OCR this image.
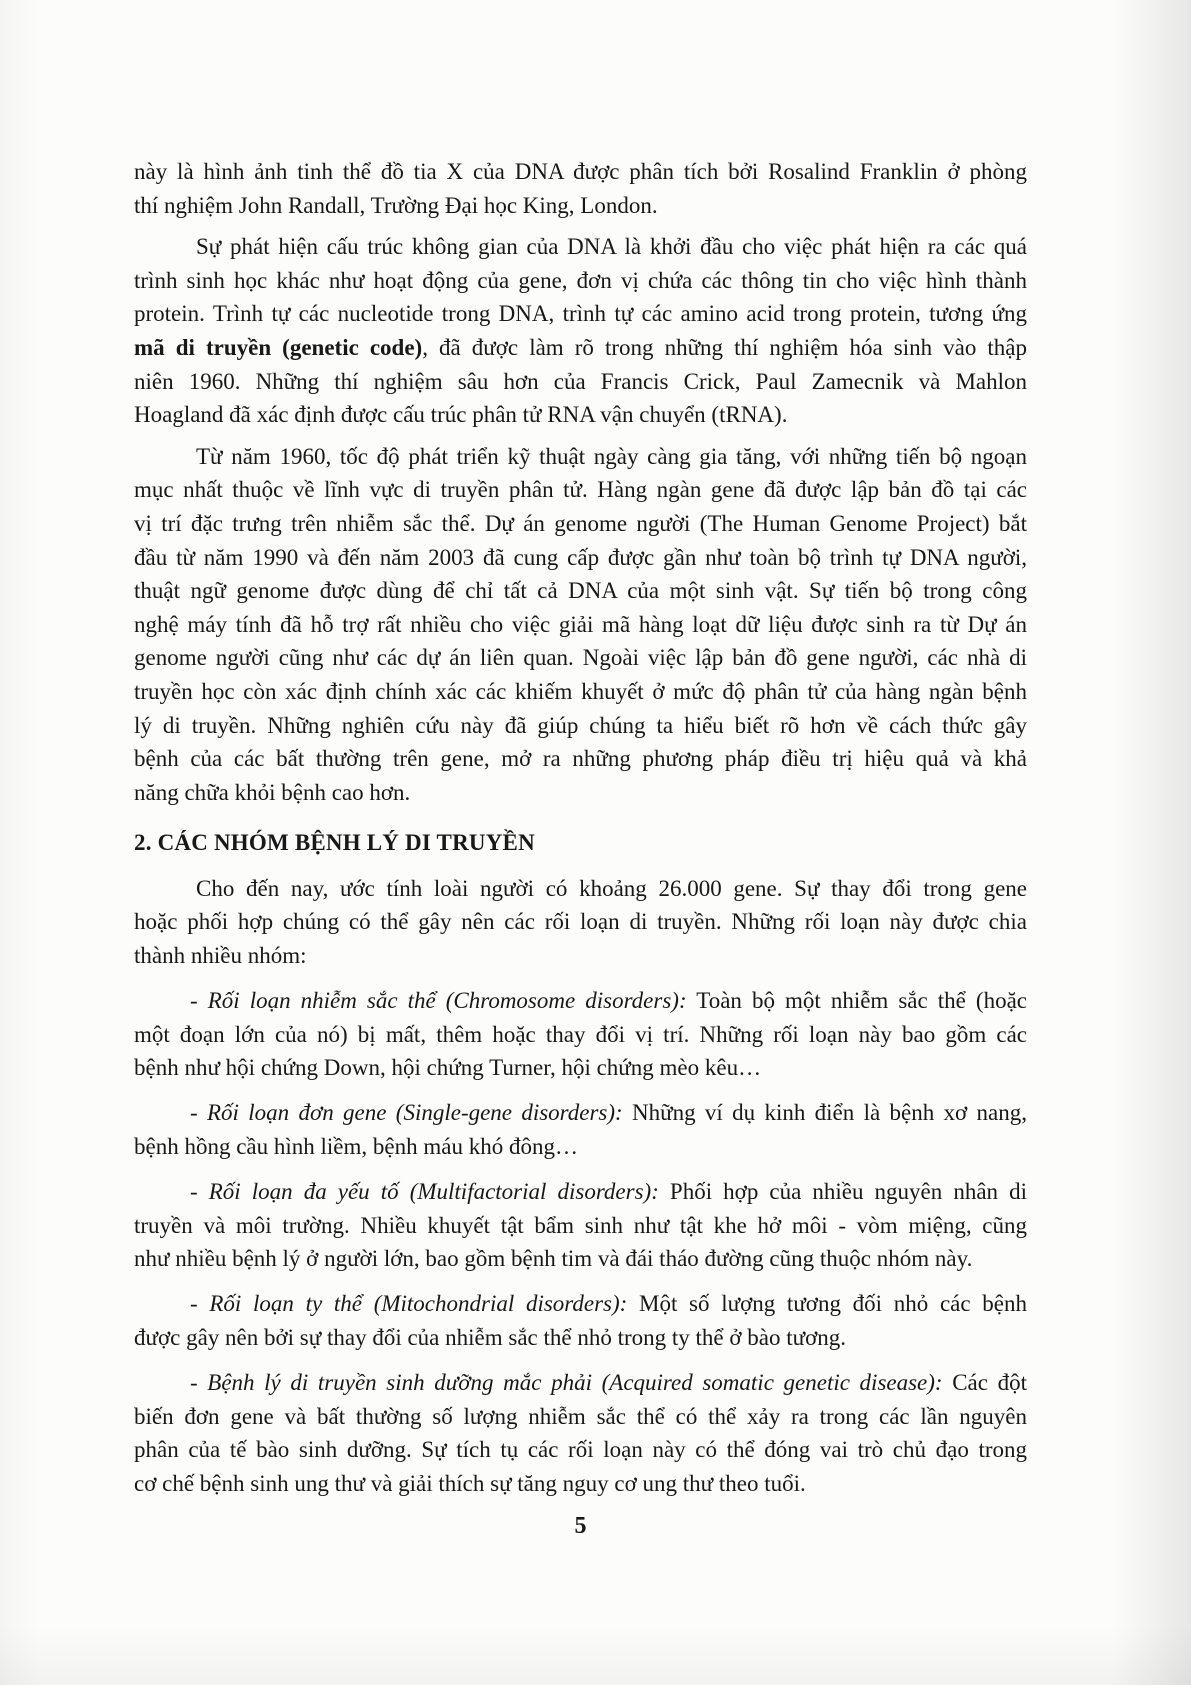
này là hình ảnh tinh thể đồ tia X của DNA được phân tích bởi Rosalind Franklin ở phòng
thí nghiệm John Randall, Trường Đại học King, London.
Sự phát hiện cấu trúc không gian của DNA là khởi đầu cho việc phát hiện ra các quá
trình sinh học khác như hoạt động của gene, đơn vị chứa các thông tin cho việc hình thành
protein. Trình tự các nucleotide trong DNA, trình tự các amino acid trong protein, tương ứng
mã di truyền (genetic code), đã được làm rõ trong những thí nghiệm hóa sinh vào thập
niên 1960. Những thí nghiệm sâu hơn của Francis Crick, Paul Zamecnik và Mahlon
Hoagland đã xác định được cấu trúc phân tử RNA vận chuyển (tRNA).
Từ năm 1960, tốc độ phát triển kỹ thuật ngày càng gia tăng, với những tiến bộ ngoạn
mục nhất thuộc về lĩnh vực di truyền phân tử. Hàng ngàn gene đã được lập bản đồ tại các
vị trí đặc trưng trên nhiễm sắc thể. Dự án genome người (The Human Genome Project) bắt
đầu từ năm 1990 và đến năm 2003 đã cung cấp được gần như toàn bộ trình tự DNA người,
thuật ngữ genome được dùng để chỉ tất cả DNA của một sinh vật. Sự tiến bộ trong công
nghệ máy tính đã hỗ trợ rất nhiều cho việc giải mã hàng loạt dữ liệu được sinh ra từ Dự án
genome người cũng như các dự án liên quan. Ngoài việc lập bản đồ gene người, các nhà di
truyền học còn xác định chính xác các khiếm khuyết ở mức độ phân tử của hàng ngàn bệnh
lý di truyền. Những nghiên cứu này đã giúp chúng ta hiểu biết rõ hơn về cách thức gây
bệnh của các bất thường trên gene, mở ra những phương pháp điều trị hiệu quả và khả
năng chữa khỏi bệnh cao hơn.
2. CÁC NHÓM BỆNH LÝ DI TRUYỀN
Cho đến nay, ước tính loài người có khoảng 26.000 gene. Sự thay đổi trong gene
hoặc phối hợp chúng có thể gây nên các rối loạn di truyền. Những rối loạn này được chia
thành nhiều nhóm:
- Rối loạn nhiễm sắc thể (Chromosome disorders): Toàn bộ một nhiễm sắc thể (hoặc
một đoạn lớn của nó) bị mất, thêm hoặc thay đổi vị trí. Những rối loạn này bao gồm các
bệnh như hội chứng Down, hội chứng Turner, hội chứng mèo kêu…
- Rối loạn đơn gene (Single-gene disorders): Những ví dụ kinh điển là bệnh xơ nang,
bệnh hồng cầu hình liềm, bệnh máu khó đông…
- Rối loạn đa yếu tố (Multifactorial disorders): Phối hợp của nhiều nguyên nhân di
truyền và môi trường. Nhiều khuyết tật bẩm sinh như tật khe hở môi - vòm miệng, cũng
như nhiều bệnh lý ở người lớn, bao gồm bệnh tim và đái tháo đường cũng thuộc nhóm này.
- Rối loạn ty thể (Mitochondrial disorders): Một số lượng tương đối nhỏ các bệnh
được gây nên bởi sự thay đổi của nhiễm sắc thể nhỏ trong ty thể ở bào tương.
- Bệnh lý di truyền sinh dưỡng mắc phải (Acquired somatic genetic disease): Các đột
biến đơn gene và bất thường số lượng nhiễm sắc thể có thể xảy ra trong các lần nguyên
phân của tế bào sinh dưỡng. Sự tích tụ các rối loạn này có thể đóng vai trò chủ đạo trong
cơ chế bệnh sinh ung thư và giải thích sự tăng nguy cơ ung thư theo tuổi.
5
